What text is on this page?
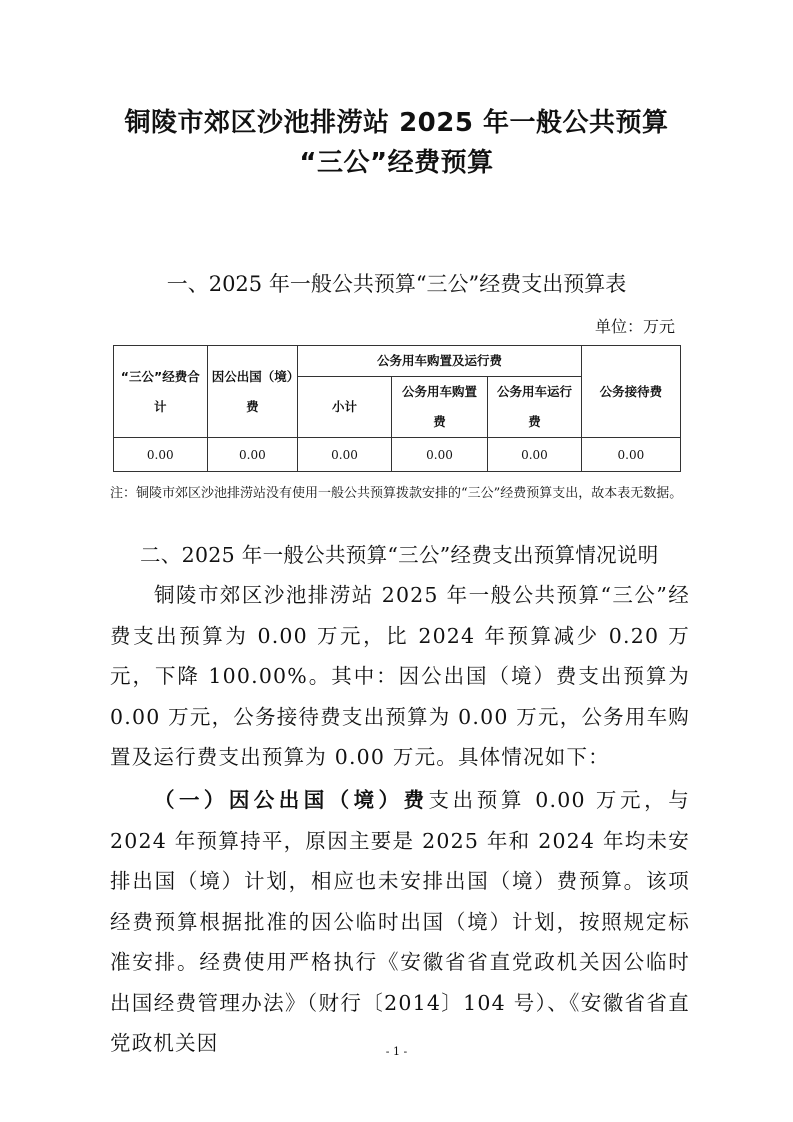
铜陵市郊区沙池排涝站 2025 年一般公共预算
“三公”经费预算
一、2025 年一般公共预算“三公”经费支出预算表
单位：万元
“三公”经费合计	因公出国（境）费	公务用车购置及运行费			公务接待费
		小计	公务用车购置费	公务用车运行费	
0.00	0.00	0.00	0.00	0.00	0.00
注：铜陵市郊区沙池排涝站没有使用一般公共预算拨款安排的“三公”经费预算支出，故本表无数据。
二、2025 年一般公共预算“三公”经费支出预算情况说明
铜陵市郊区沙池排涝站 2025 年一般公共预算“三公”经费支出预算为 0.00 万元，比 2024 年预算减少 0.20 万元，下降 100.00%。其中：因公出国（境）费支出预算为 0.00 万元，公务接待费支出预算为 0.00 万元，公务用车购置及运行费支出预算为 0.00 万元。具体情况如下：
（一）因公出国（境）费支出预算 0.00 万元，与 2024 年预算持平，原因主要是 2025 年和 2024 年均未安排出国（境）计划，相应也未安排出国（境）费预算。该项经费预算根据批准的因公临时出国（境）计划，按照规定标准安排。经费使用严格执行《安徽省省直党政机关因公临时出国经费管理办法》（财行〔2014〕104 号）、《安徽省省直党政机关因	- 1 -
